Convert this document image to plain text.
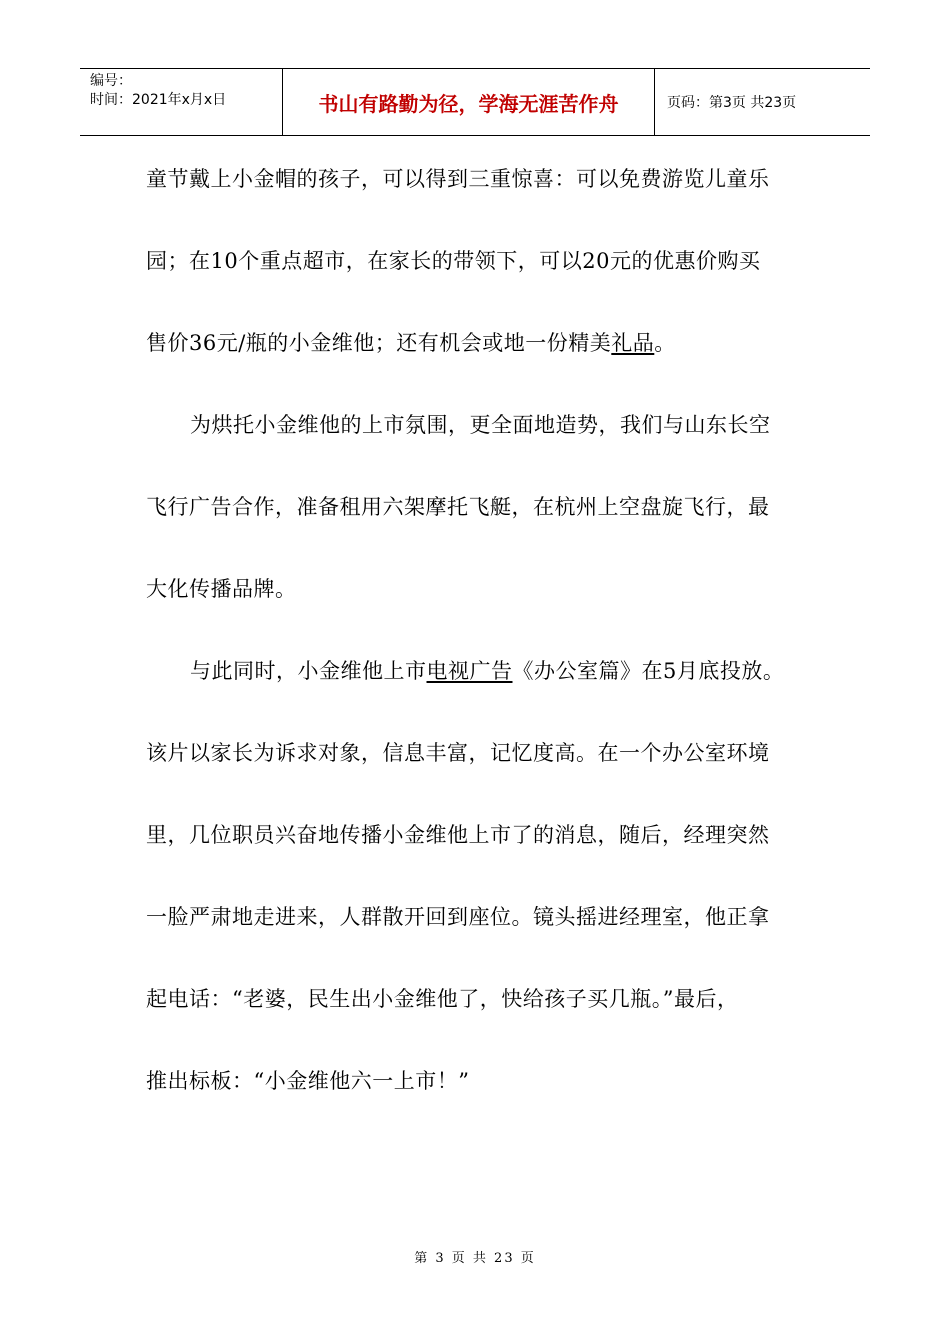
编号：
时间：2021年x月x日	书山有路勤为径，学海无涯苦作舟	页码：第3页 共23页
童节戴上小金帽的孩子，可以得到三重惊喜：可以免费游览儿童乐
园；在10个重点超市，在家长的带领下，可以20元的优惠价购买
售价36元/瓶的小金维他；还有机会或地一份精美礼品。
为烘托小金维他的上市氛围，更全面地造势，我们与山东长空
飞行广告合作，准备租用六架摩托飞艇，在杭州上空盘旋飞行，最
大化传播品牌。
与此同时，小金维他上市电视广告《办公室篇》在5月底投放。
该片以家长为诉求对象，信息丰富，记忆度高。在一个办公室环境
里，几位职员兴奋地传播小金维他上市了的消息，随后，经理突然
一脸严肃地走进来，人群散开回到座位。镜头摇进经理室，他正拿
起电话：“老婆，民生出小金维他了，快给孩子买几瓶。”最后，
推出标板：“小金维他六一上市！”
第 3 页 共 23 页
